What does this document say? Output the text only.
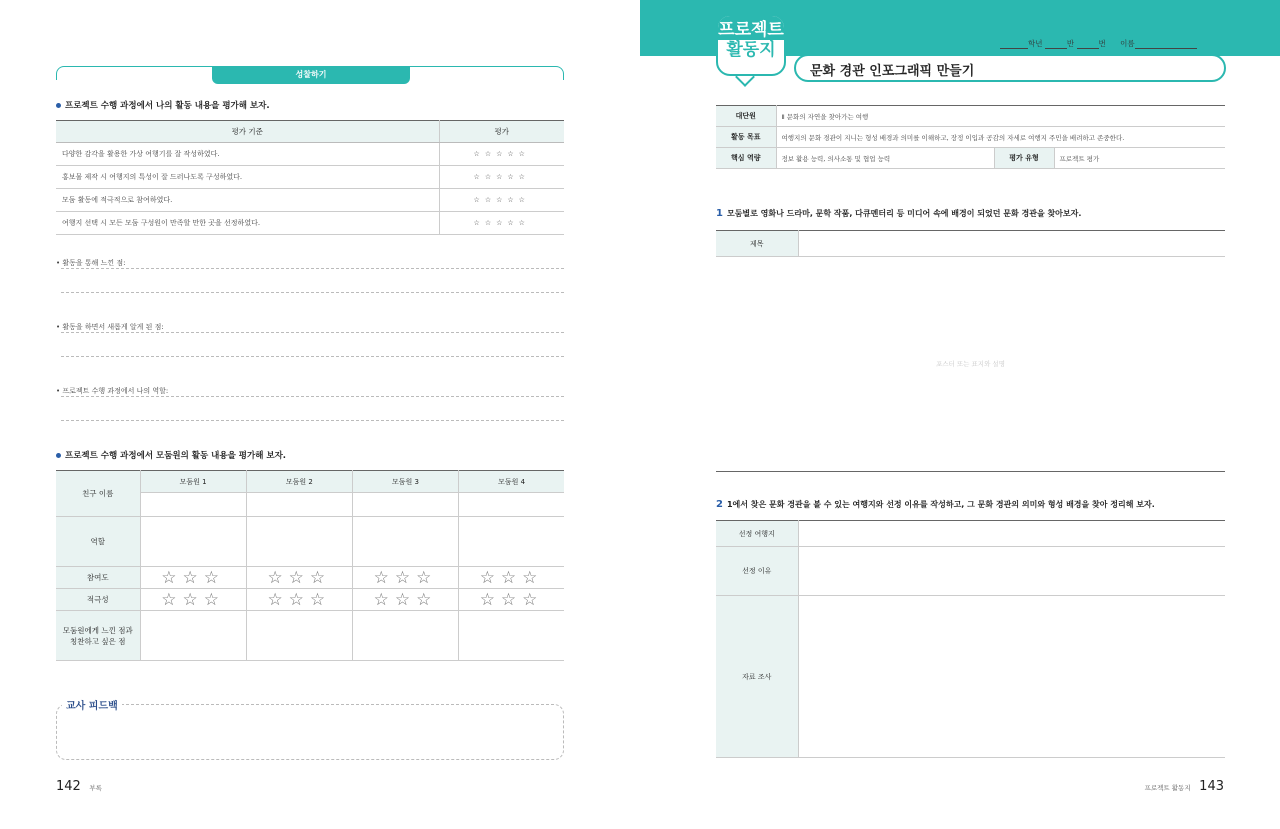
성찰하기
프로젝트 수행 과정에서 나의 활동 내용을 평가해 보자.
평가 기준	평가
다양한 감각을 활용한 가상 여행기를 잘 작성하였다.	☆☆☆☆☆
홍보물 제작 시 여행지의 특성이 잘 드러나도록 구성하였다.	☆☆☆☆☆
모둠 활동에 적극적으로 참여하였다.	☆☆☆☆☆
여행지 선택 시 모든 모둠 구성원이 만족할 만한 곳을 선정하였다.	☆☆☆☆☆
• 활동을 통해 느낀 점:
• 활동을 하면서 새롭게 알게 된 점:
• 프로젝트 수행 과정에서 나의 역할:
프로젝트 수행 과정에서 모둠원의 활동 내용을 평가해 보자.
친구 이름	모둠원 1	모둠원 2	모둠원 3	모둠원 4

역할				
참여도	☆☆☆	☆☆☆	☆☆☆	☆☆☆
적극성	☆☆☆	☆☆☆	☆☆☆	☆☆☆

모둠원에게 느낀 점과
칭찬하고 싶은 점				

교사 피드백
142 부록
문화 경관 인포그래픽 만들기
프로젝트
활동지	학년	반	번 이름
대단원	Ⅱ 문화의 자연을 찾아가는 여행		
활동 목표	여행지의 문화 경관이 지니는 형성 배경과 의미를 이해하고, 장정 이입과 공감의 자세로 여행지 주민을 배려하고 존중한다.		
핵심 역량	정보 활용 능력, 의사소통 및 협업 능력	평가 유형	프로젝트 평가
1 모둠별로 영화나 드라마, 문학 작품, 다큐멘터리 등 미디어 속에 배경이 되었던 문화 경관을 찾아보자.
제목	
포스터 또는 표지와 설명
2 1에서 찾은 문화 경관을 볼 수 있는 여행지와 선정 이유를 작성하고, 그 문화 경관의 의미와 형성 배경을 찾아 정리해 보자.
선정 여행지	
선정 이유	
자료 조사	
프로젝트 활동지 143
